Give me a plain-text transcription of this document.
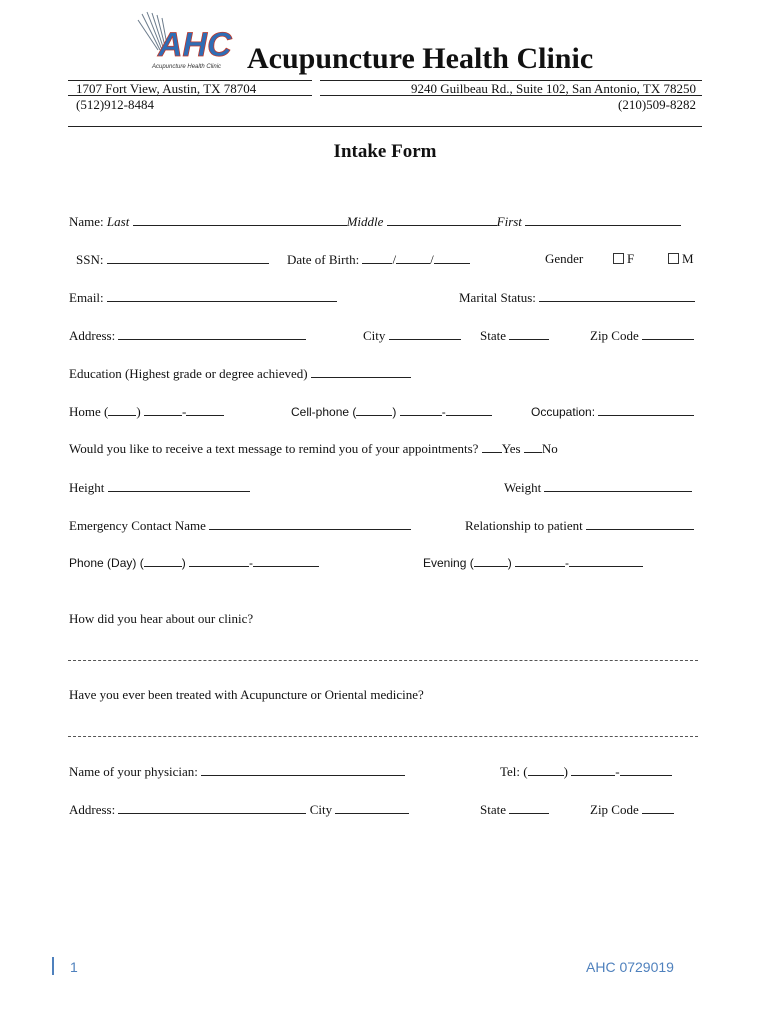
AHC
Acupuncture Health Clinic Acupuncture Health Clinic
1707 Fort View, Austin, TX 78704
(512)912-8484
9240 Guilbeau Rd., Suite 102, San Antonio, TX 78250
(210)509-8282
Intake Form
Name: Last	Middle	First
SSN:	Date of Birth:	/	/	Gender	F	M
Email:	Marital Status:
Address:	City	State	Zip Code
Education (Highest grade or degree achieved)
Home ( )	-	Cell-phone (	)	-	Occupation:
Would you like to receive a text message to remind you of your appointments? Yes No
Height	Weight
Emergency Contact Name	Relationship to patient
Phone (Day) (	)	-	Evening (	)	-
How did you hear about our clinic?
Have you ever been treated with Acupuncture or Oriental medicine?
Name of your physician:	Tel: (	)	-
Address:	City	State	Zip Code
1	AHC 0729019
